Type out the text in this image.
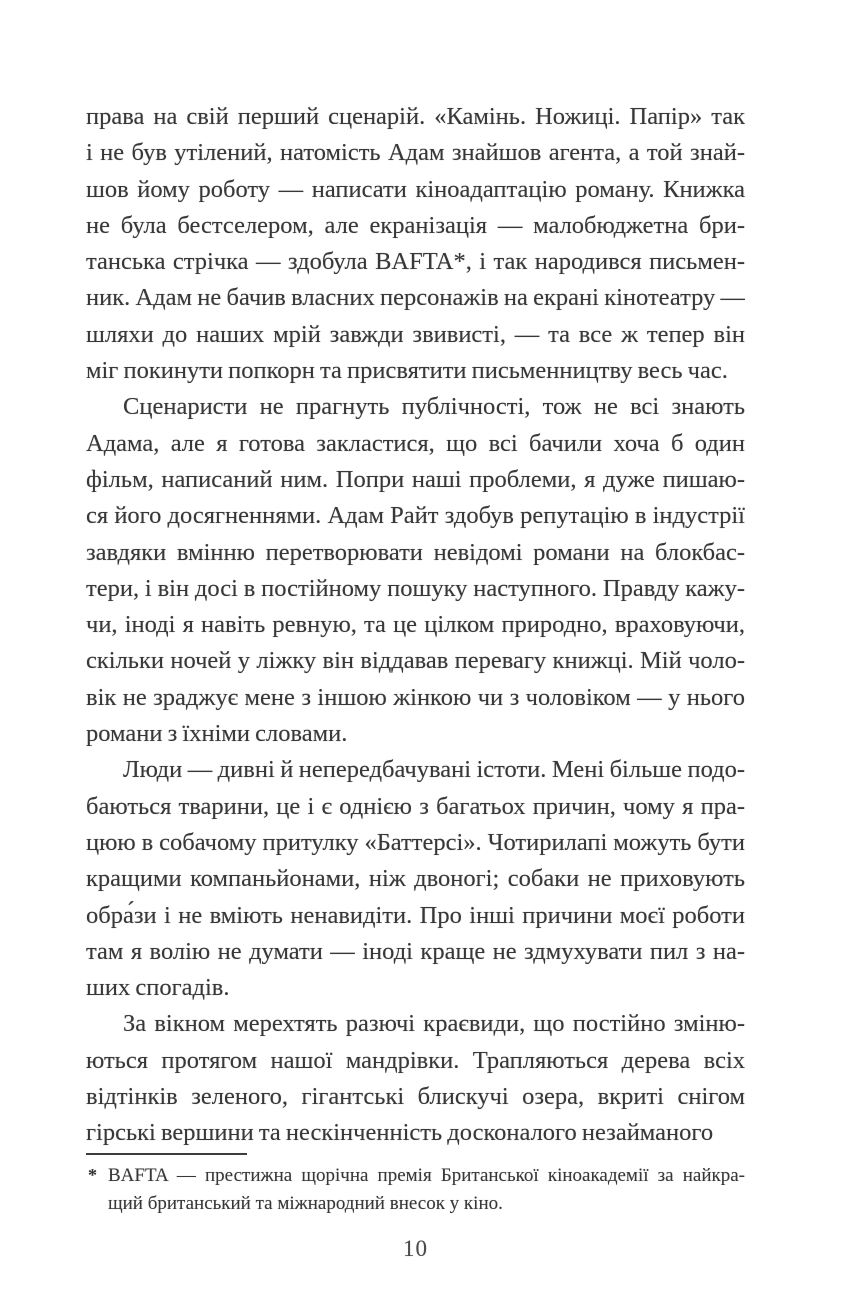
права на свій перший сценарій. «Камінь. Ножиці. Папір» так
і не був утілений, натомість Адам знайшов агента, а той знай-
шов йому роботу — написати кіноадаптацію роману. Книжка
не була бестселером, але екранізація — малобюджетна бри-
танська стрічка — здобула BAFTA*, і так народився письмен-
ник. Адам не бачив власних персонажів на екрані кінотеатру —
шляхи до наших мрій завжди звивисті, — та все ж тепер він
міг покинути попкорн та присвятити письменництву весь час.
Сценаристи не прагнуть публічності, тож не всі знають
Адама, але я готова закластися, що всі бачили хоча б один
фільм, написаний ним. Попри наші проблеми, я дуже пишаю-
ся його досягненнями. Адам Райт здобув репутацію в індустрії
завдяки вмінню перетворювати невідомі романи на блокбас-
тери, і він досі в постійному пошуку наступного. Правду кажу-
чи, іноді я навіть ревную, та це цілком природно, враховуючи,
скільки ночей у ліжку він віддавав перевагу книжці. Мій чоло-
вік не зраджує мене з іншою жінкою чи з чоловіком — у нього
романи з їхніми словами.
Люди — дивні й непередбачувані істоти. Мені більше подо-
баються тварини, це і є однією з багатьох причин, чому я пра-
цюю в собачому притулку «Баттерсі». Чотирилапі можуть бути
кращими компаньйонами, ніж двоногі; собаки не приховують
обра́зи і не вміють ненавидіти. Про інші причини моєї роботи
там я волію не думати — іноді краще не здмухувати пил з на-
ших спогадів.
За вікном мерехтять разючі краєвиди, що постійно зміню-
ються протягом нашої мандрівки. Трапляються дерева всіх
відтінків зеленого, гігантські блискучі озера, вкриті снігом
гірські вершини та нескінченність досконалого незайманого
* BAFTA — престижна щорічна премія Британської кіноакадемії за найкра-
щий британський та міжнародний внесок у кіно.
10
